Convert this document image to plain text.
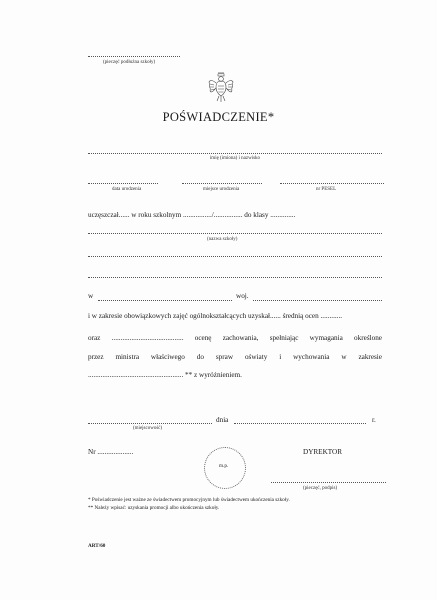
(pieczęć podłużna szkoły)
POŚWIADCZENIE*
imię (imiona) i nazwisko
data urodzenia	miejsce urodzenia	nr PESEL
uczęszczał...... w roku szkolnym ................/................ do klasy ..............
(nazwa szkoły)
w	woj.
i w zakresie obowiązkowych zajęć ogólnokształcących uzyskał...... średnią ocen ............
oraz ........................................ ocenę zachowania, spełniając wymagania określone
przez ministra właściwego do spraw oświaty i wychowania w zakresie
..................................................... ** z wyróżnieniem.
dnia	r.
(miejscowość)
Nr ....................	DYREKTOR
m.p.
(pieczęć, podpis)
* Poświadczenie jest ważne ze świadectwem promocyjnym lub świadectwem ukończenia szkoły.
** Należy wpisać: uzyskania promocji albo ukończenia szkoły.
ART/60
